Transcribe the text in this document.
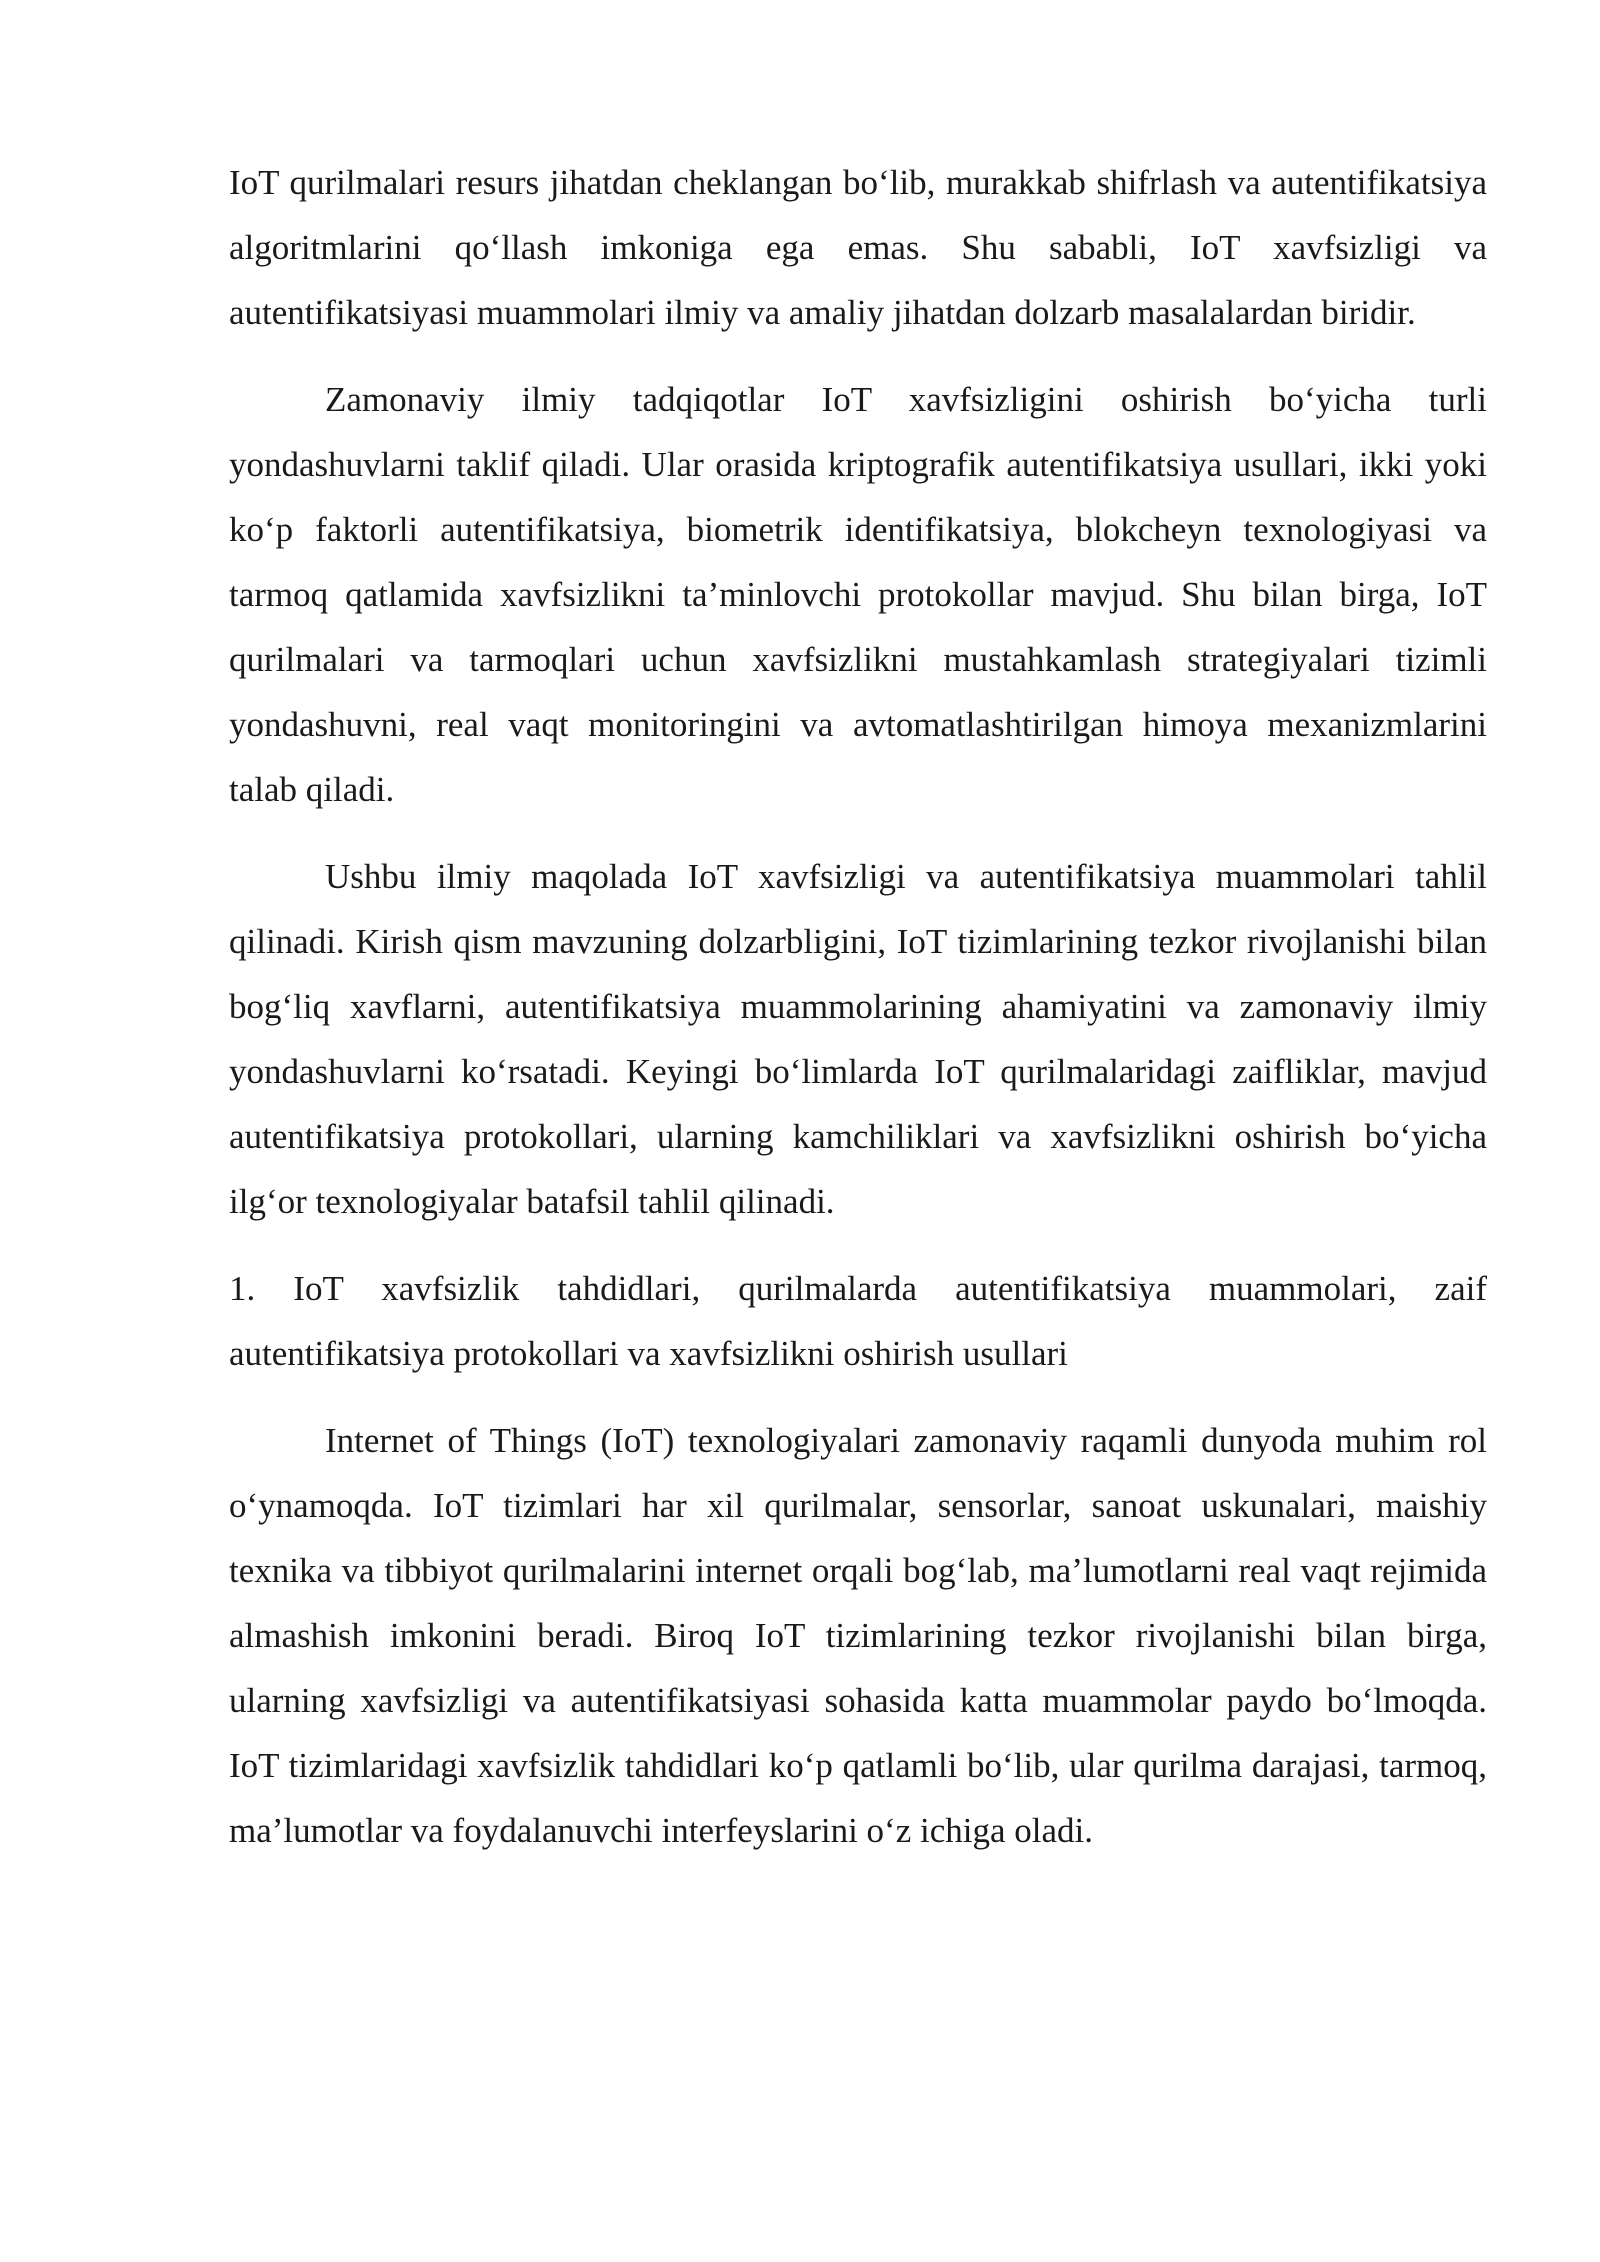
IoT qurilmalari resurs jihatdan cheklangan bo‘lib, murakkab shifrlash va autentifikatsiya algoritmlarini qo‘llash imkoniga ega emas. Shu sababli, IoT xavfsizligi va autentifikatsiyasi muammolari ilmiy va amaliy jihatdan dolzarb masalalardan biridir.

Zamonaviy ilmiy tadqiqotlar IoT xavfsizligini oshirish bo‘yicha turli yondashuvlarni taklif qiladi. Ular orasida kriptografik autentifikatsiya usullari, ikki yoki ko‘p faktorli autentifikatsiya, biometrik identifikatsiya, blokcheyn texnologiyasi va tarmoq qatlamida xavfsizlikni ta’minlovchi protokollar mavjud. Shu bilan birga, IoT qurilmalari va tarmoqlari uchun xavfsizlikni mustahkamlash strategiyalari tizimli yondashuvni, real vaqt monitoringini va avtomatlashtirilgan himoya mexanizmlarini talab qiladi.

Ushbu ilmiy maqolada IoT xavfsizligi va autentifikatsiya muammolari tahlil qilinadi. Kirish qism mavzuning dolzarbligini, IoT tizimlarining tezkor rivojlanishi bilan bog‘liq xavflarni, autentifikatsiya muammolarining ahamiyatini va zamonaviy ilmiy yondashuvlarni ko‘rsatadi. Keyingi bo‘limlarda IoT qurilmalaridagi zaifliklar, mavjud autentifikatsiya protokollari, ularning kamchiliklari va xavfsizlikni oshirish bo‘yicha ilg‘or texnologiyalar batafsil tahlil qilinadi.

1. IoT xavfsizlik tahdidlari, qurilmalarda autentifikatsiya muammolari, zaif autentifikatsiya protokollari va xavfsizlikni oshirish usullari

Internet of Things (IoT) texnologiyalari zamonaviy raqamli dunyoda muhim rol o‘ynamoqda. IoT tizimlari har xil qurilmalar, sensorlar, sanoat uskunalari, maishiy texnika va tibbiyot qurilmalarini internet orqali bog‘lab, ma’lumotlarni real vaqt rejimida almashish imkonini beradi. Biroq IoT tizimlarining tezkor rivojlanishi bilan birga, ularning xavfsizligi va autentifikatsiyasi sohasida katta muammolar paydo bo‘lmoqda. IoT tizimlaridagi xavfsizlik tahdidlari ko‘p qatlamli bo‘lib, ular qurilma darajasi, tarmoq, ma’lumotlar va foydalanuvchi interfeyslarini o‘z ichiga oladi.
